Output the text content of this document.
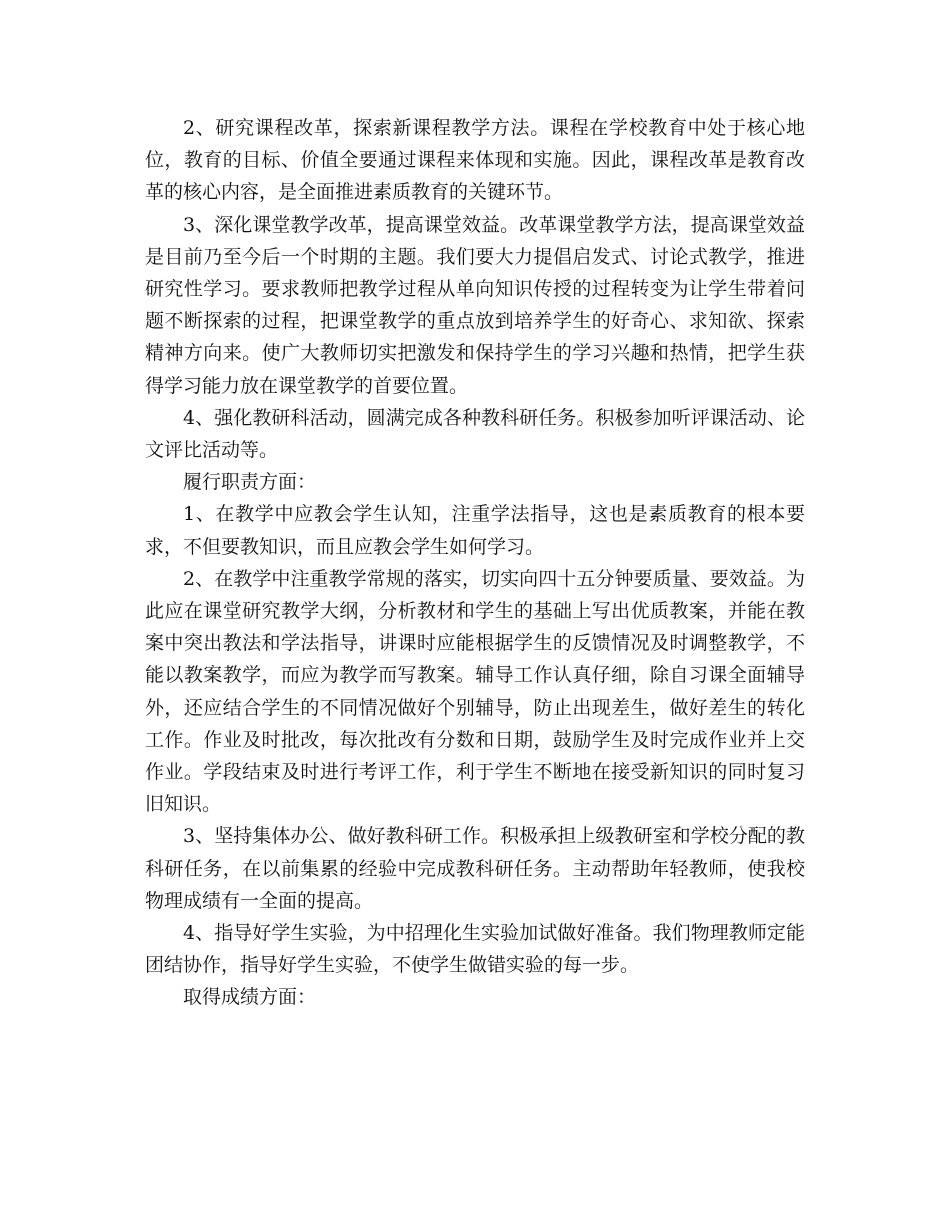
2、研究课程改革，探索新课程教学方法。课程在学校教育中处于核心地位，教育的目标、价值全要通过课程来体现和实施。因此，课程改革是教育改革的核心内容，是全面推进素质教育的关键环节。

3、深化课堂教学改革，提高课堂效益。改革课堂教学方法，提高课堂效益是目前乃至今后一个时期的主题。我们要大力提倡启发式、讨论式教学，推进研究性学习。要求教师把教学过程从单向知识传授的过程转变为让学生带着问题不断探索的过程，把课堂教学的重点放到培养学生的好奇心、求知欲、探索精神方向来。使广大教师切实把激发和保持学生的学习兴趣和热情，把学生获得学习能力放在课堂教学的首要位置。

4、强化教研科活动，圆满完成各种教科研任务。积极参加听评课活动、论文评比活动等。

履行职责方面：

1、在教学中应教会学生认知，注重学法指导，这也是素质教育的根本要求，不但要教知识，而且应教会学生如何学习。

2、在教学中注重教学常规的落实，切实向四十五分钟要质量、要效益。为此应在课堂研究教学大纲，分析教材和学生的基础上写出优质教案，并能在教案中突出教法和学法指导，讲课时应能根据学生的反馈情况及时调整教学，不能以教案教学，而应为教学而写教案。辅导工作认真仔细，除自习课全面辅导外，还应结合学生的不同情况做好个别辅导，防止出现差生，做好差生的转化工作。作业及时批改，每次批改有分数和日期，鼓励学生及时完成作业并上交作业。学段结束及时进行考评工作，利于学生不断地在接受新知识的同时复习旧知识。

3、坚持集体办公、做好教科研工作。积极承担上级教研室和学校分配的教科研任务，在以前集累的经验中完成教科研任务。主动帮助年轻教师，使我校物理成绩有一全面的提高。

4、指导好学生实验，为中招理化生实验加试做好准备。我们物理教师定能团结协作，指导好学生实验，不使学生做错实验的每一步。

取得成绩方面：
